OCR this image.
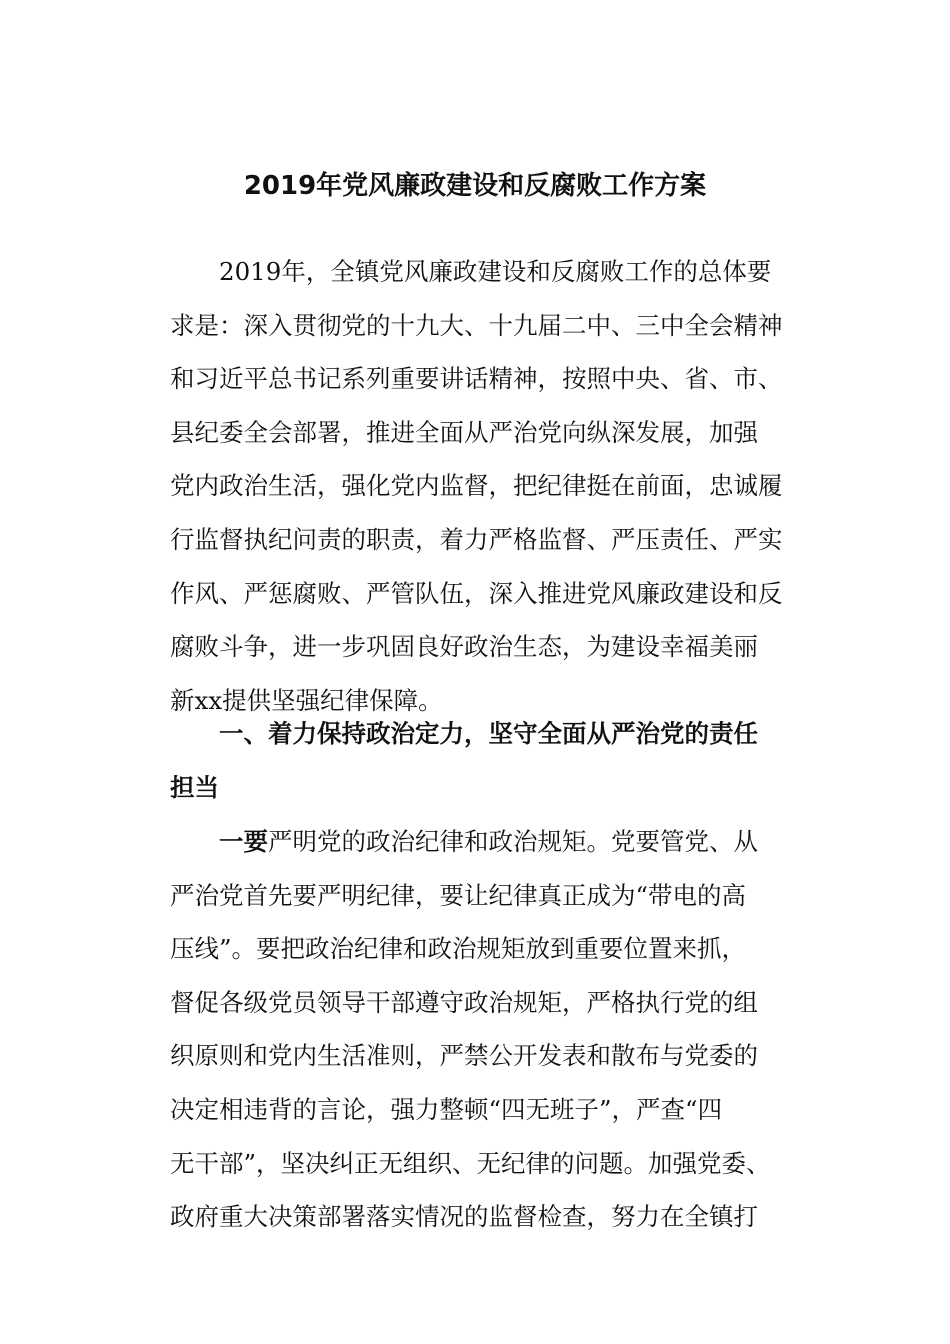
2019年党风廉政建设和反腐败工作方案
2019年，全镇党风廉政建设和反腐败工作的总体要
求是：深入贯彻党的十九大、十九届二中、三中全会精神
和习近平总书记系列重要讲话精神，按照中央、省、市、
县纪委全会部署，推进全面从严治党向纵深发展，加强
党内政治生活，强化党内监督，把纪律挺在前面，忠诚履
行监督执纪问责的职责，着力严格监督、严压责任、严实
作风、严惩腐败、严管队伍，深入推进党风廉政建设和反
腐败斗争，进一步巩固良好政治生态，为建设幸福美丽
新xx提供坚强纪律保障。
一、着力保持政治定力，坚守全面从严治党的责任
担当
一要严明党的政治纪律和政治规矩。党要管党、从
严治党首先要严明纪律，要让纪律真正成为“带电的高
压线”。要把政治纪律和政治规矩放到重要位置来抓，
督促各级党员领导干部遵守政治规矩，严格执行党的组
织原则和党内生活准则，严禁公开发表和散布与党委的
决定相违背的言论，强力整顿“四无班子”，严查“四
无干部”，坚决纠正无组织、无纪律的问题。加强党委、
政府重大决策部署落实情况的监督检查，努力在全镇打
